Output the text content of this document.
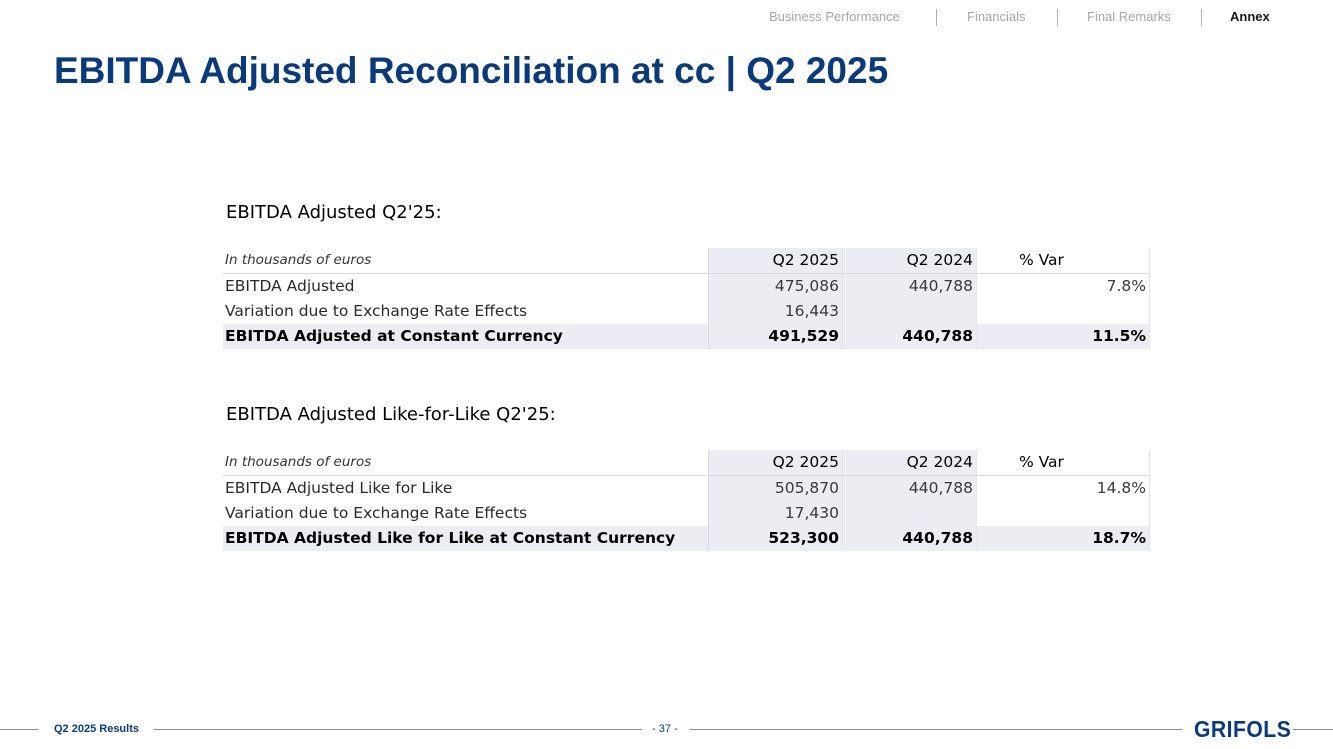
Business Performance	Financials	Final Remarks	Annex
EBITDA Adjusted Reconciliation at cc | Q2 2025
EBITDA Adjusted Q2'25:
In thousands of euros	Q2 2025	Q2 2024	% Var
EBITDA Adjusted	475,086	440,788	7.8%
Variation due to Exchange Rate Effects	16,443		
EBITDA Adjusted at Constant Currency	491,529	440,788	11.5%
EBITDA Adjusted Like-for-Like Q2'25:
In thousands of euros	Q2 2025	Q2 2024	% Var
EBITDA Adjusted Like for Like	505,870	440,788	14.8%
Variation due to Exchange Rate Effects	17,430		
EBITDA Adjusted Like for Like at Constant Currency	523,300	440,788	18.7%
Q2 2025 Results	- 37 -	GRIFOLS
